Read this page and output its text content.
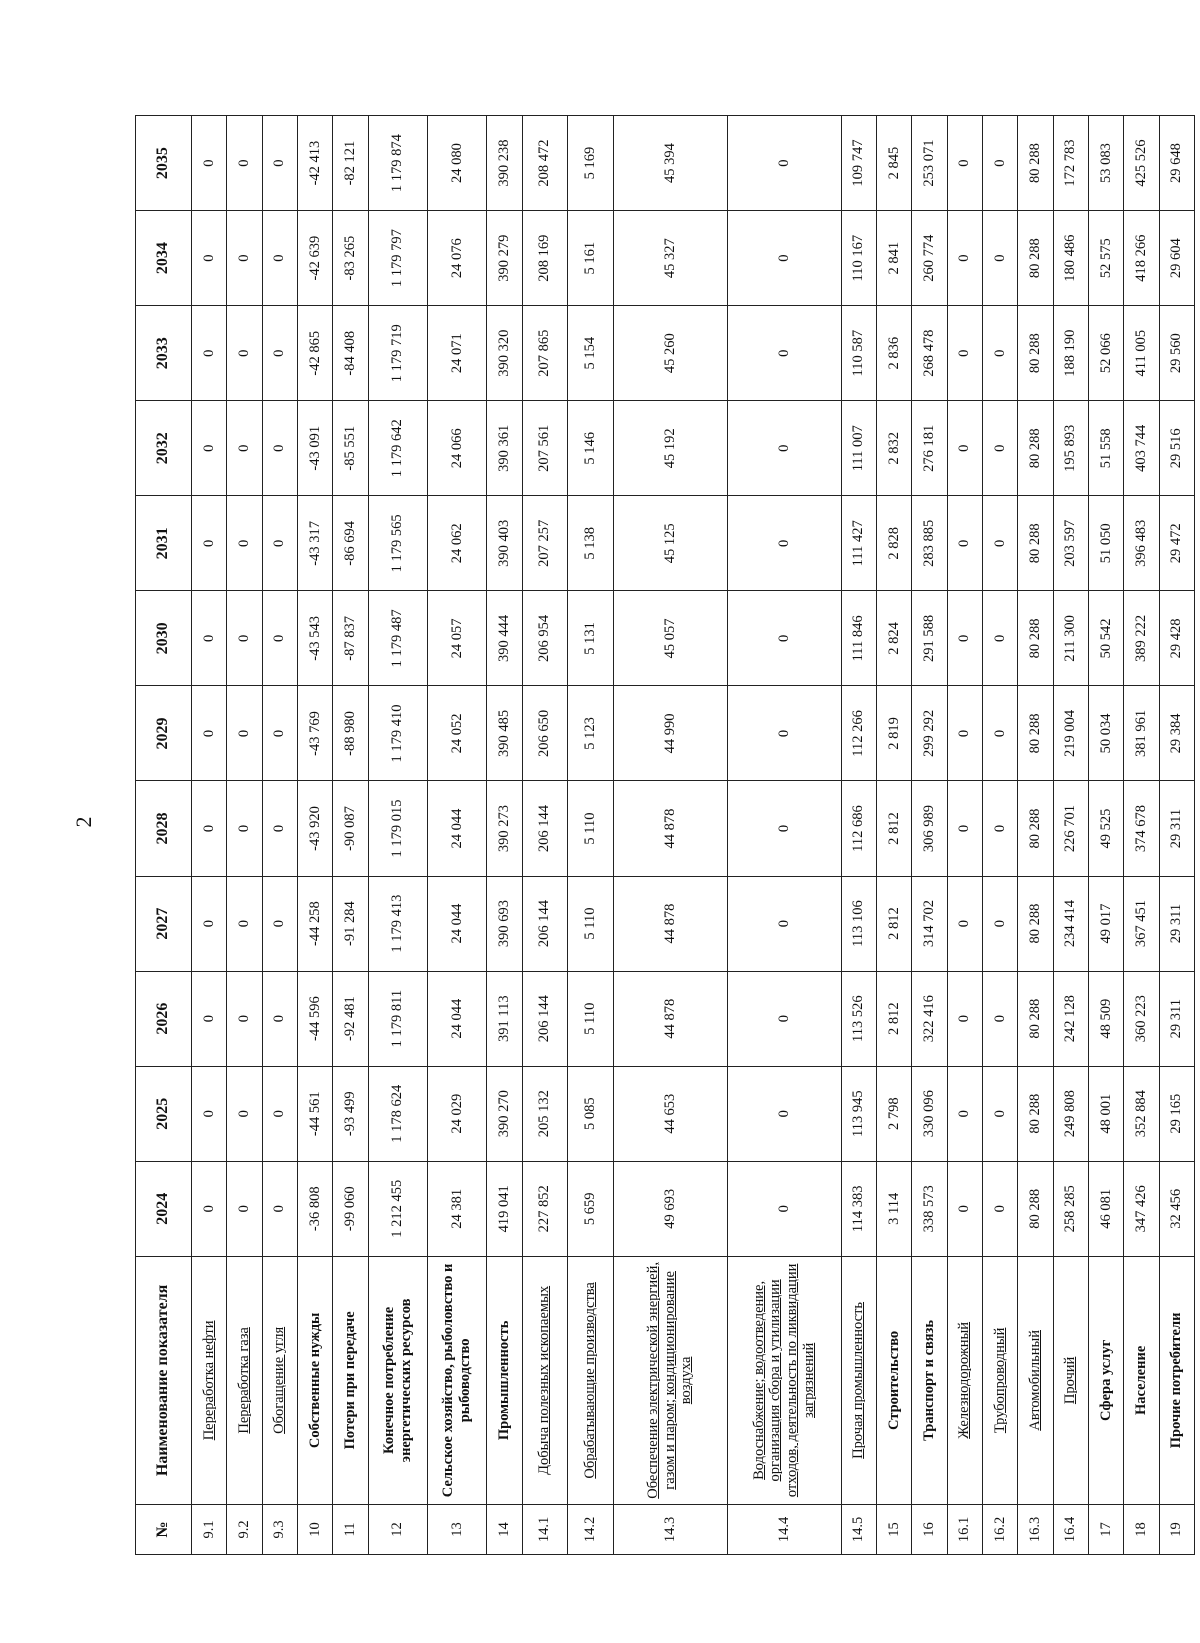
2
№	Наименование показателя	2024	2025	2026	2027	2028	2029	2030	2031	2032	2033	2034	2035
9.1	Переработка нефти	0	0	0	0	0	0	0	0	0	0	0	0
9.2	Переработка газа	0	0	0	0	0	0	0	0	0	0	0	0
9.3	Обогащение угля	0	0	0	0	0	0	0	0	0	0	0	0
10	Собственные нужды	-36 808	-44 561	-44 596	-44 258	-43 920	-43 769	-43 543	-43 317	-43 091	-42 865	-42 639	-42 413
11	Потери при передаче	-99 060	-93 499	-92 481	-91 284	-90 087	-88 980	-87 837	-86 694	-85 551	-84 408	-83 265	-82 121
12	Конечное потребление энергетических ресурсов	1 212 455	1 178 624	1 179 811	1 179 413	1 179 015	1 179 410	1 179 487	1 179 565	1 179 642	1 179 719	1 179 797	1 179 874
13	Сельское хозяйство, рыболовство и рыбоводство	24 381	24 029	24 044	24 044	24 044	24 052	24 057	24 062	24 066	24 071	24 076	24 080
14	Промышленность	419 041	390 270	391 113	390 693	390 273	390 485	390 444	390 403	390 361	390 320	390 279	390 238
14.1	Добыча полезных ископаемых	227 852	205 132	206 144	206 144	206 144	206 650	206 954	207 257	207 561	207 865	208 169	208 472
14.2	Обрабатывающие производства	5 659	5 085	5 110	5 110	5 110	5 123	5 131	5 138	5 146	5 154	5 161	5 169
14.3	Обеспечение электрической энергией, газом и паром; кондиционирование воздуха	49 693	44 653	44 878	44 878	44 878	44 990	45 057	45 125	45 192	45 260	45 327	45 394
14.4	Водоснабжение; водоотведение, организация сбора и утилизации отходов, деятельность по ликвидации загрязнений	0	0	0	0	0	0	0	0	0	0	0	0
14.5	Прочая промышленность	114 383	113 945	113 526	113 106	112 686	112 266	111 846	111 427	111 007	110 587	110 167	109 747
15	Строительство	3 114	2 798	2 812	2 812	2 812	2 819	2 824	2 828	2 832	2 836	2 841	2 845
16	Транспорт и связь	338 573	330 096	322 416	314 702	306 989	299 292	291 588	283 885	276 181	268 478	260 774	253 071
16.1	Железнодорожный	0	0	0	0	0	0	0	0	0	0	0	0
16.2	Трубопроводный	0	0	0	0	0	0	0	0	0	0	0	0
16.3	Автомобильный	80 288	80 288	80 288	80 288	80 288	80 288	80 288	80 288	80 288	80 288	80 288	80 288
16.4	Прочий	258 285	249 808	242 128	234 414	226 701	219 004	211 300	203 597	195 893	188 190	180 486	172 783
17	Сфера услуг	46 081	48 001	48 509	49 017	49 525	50 034	50 542	51 050	51 558	52 066	52 575	53 083
18	Население	347 426	352 884	360 223	367 451	374 678	381 961	389 222	396 483	403 744	411 005	418 266	425 526
19	Прочие потребители	32 456	29 165	29 311	29 311	29 311	29 384	29 428	29 472	29 516	29 560	29 604	29 648
